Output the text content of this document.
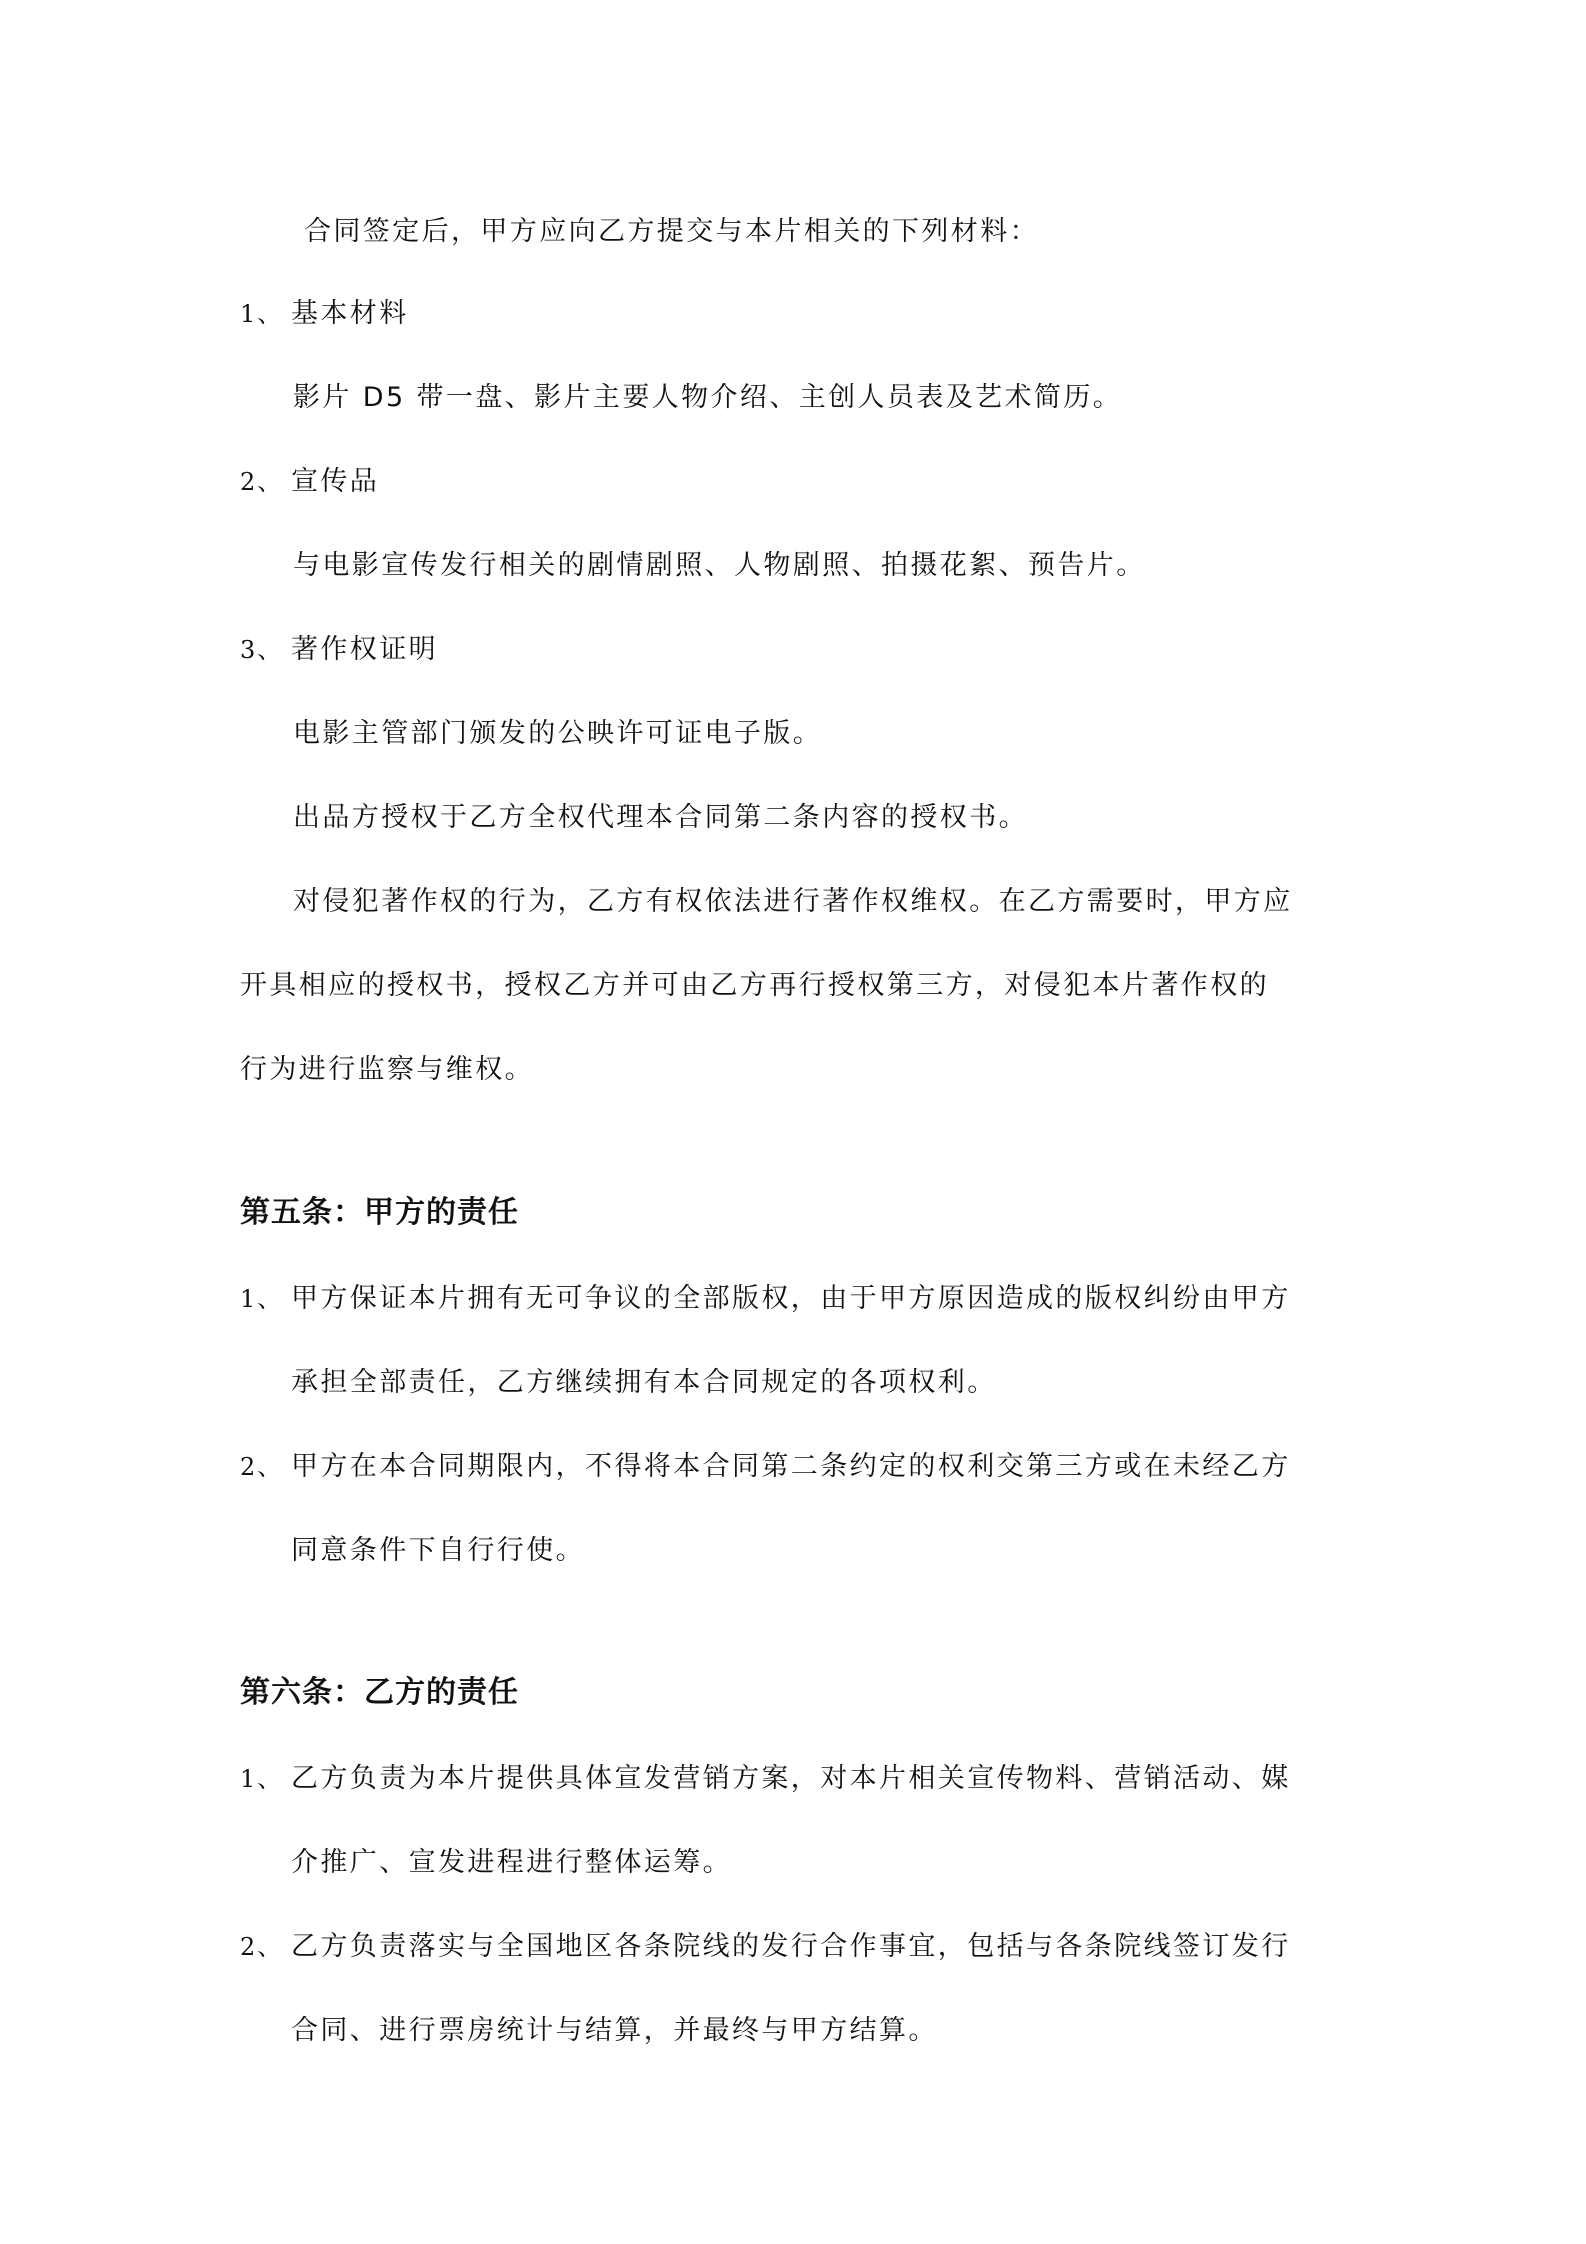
合同签定后，甲方应向乙方提交与本片相关的下列材料：
1、 基本材料
影片 D5 带一盘、影片主要人物介绍、主创人员表及艺术简历。
2、 宣传品
与电影宣传发行相关的剧情剧照、人物剧照、拍摄花絮、预告片。
3、 著作权证明
电影主管部门颁发的公映许可证电子版。
出品方授权于乙方全权代理本合同第二条内容的授权书。
对侵犯著作权的行为，乙方有权依法进行著作权维权。在乙方需要时，甲方应
开具相应的授权书，授权乙方并可由乙方再行授权第三方，对侵犯本片著作权的
行为进行监察与维权。
第五条：甲方的责任
1、 甲方保证本片拥有无可争议的全部版权，由于甲方原因造成的版权纠纷由甲方
承担全部责任，乙方继续拥有本合同规定的各项权利。
2、 甲方在本合同期限内，不得将本合同第二条约定的权利交第三方或在未经乙方
同意条件下自行行使。
第六条：乙方的责任
1、 乙方负责为本片提供具体宣发营销方案，对本片相关宣传物料、营销活动、媒
介推广、宣发进程进行整体运筹。
2、 乙方负责落实与全国地区各条院线的发行合作事宜，包括与各条院线签订发行
合同、进行票房统计与结算，并最终与甲方结算。
